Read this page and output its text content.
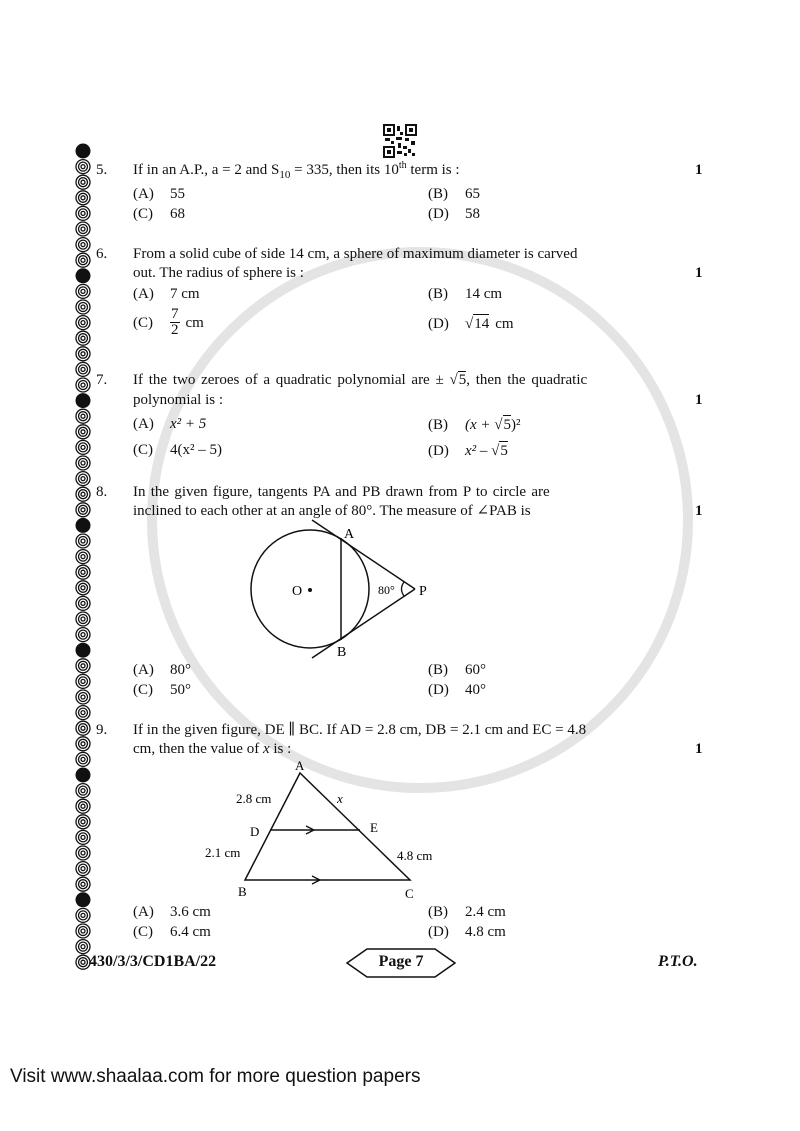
5. If in an A.P., a = 2 and $S_{10} = 335$, then its 10th term is :	1
(A)	55	(B)	65
(C)	68	(D)	58
6. From a solid cube of side 14 cm, a sphere of maximum diameter is carved
out. The radius of sphere is :	1
(A)	7 cm	(B)	14 cm
(C)	$\frac{7}{2}$ cm	(D)	√ 14 cm
7. If the two zeroes of a quadratic polynomial are ± √5, then the quadratic
polynomial is :	1
(A)	x² + 5	(B)	(x + √ 5 )²
(C)	4(x² – 5)	(D)	x² – √ 5
8. In the given figure, tangents PA and PB drawn from P to circle are
inclined to each other at an angle of 80°. The measure of ∠PAB is	1
A
B
O	P
80°
(A)	80°	(B)	60°
(C)	50°	(D)	40°
9. If in the given figure, DE ∥ BC. If AD = 2.8 cm, DB = 2.1 cm and EC = 4.8
cm, then the value of x is :	1
A
B	C
D	E
2.8 cm	x
2.1 cm	4.8 cm
(A)	3.6 cm	(B)	2.4 cm
(C)	6.4 cm	(D)	4.8 cm
430/3/3/CD1BA/22	Page 7	P.T.O.
Visit www.shaalaa.com for more question papers
